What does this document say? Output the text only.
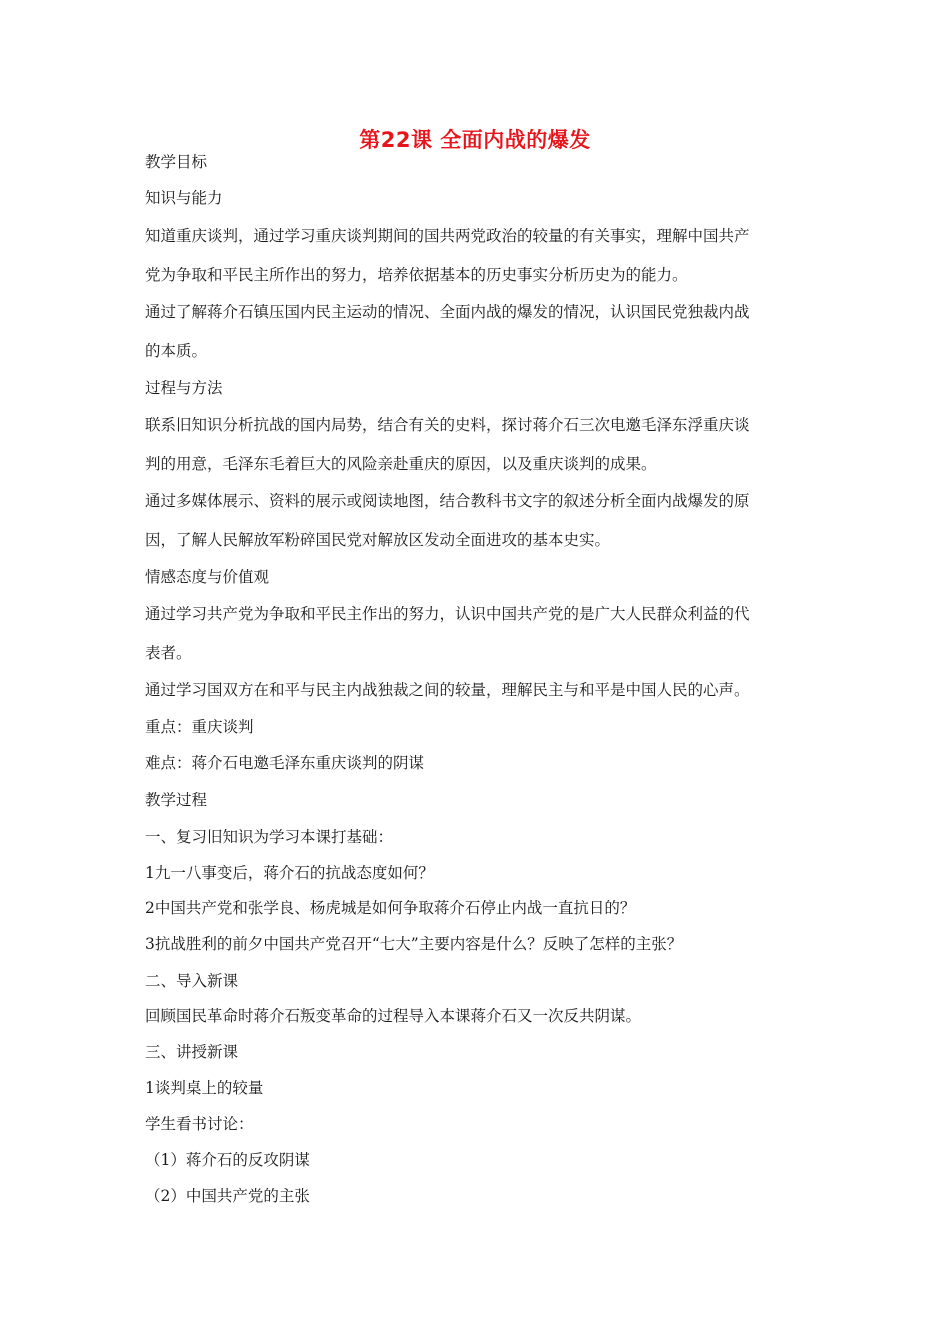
第22课 全面内战的爆发
教学目标
知识与能力
知道重庆谈判，通过学习重庆谈判期间的国共两党政治的较量的有关事实，理解中国共产
党为争取和平民主所作出的努力，培养依据基本的历史事实分析历史为的能力。
通过了解蒋介石镇压国内民主运动的情况、全面内战的爆发的情况，认识国民党独裁内战
的本质。
过程与方法
联系旧知识分析抗战的国内局势，结合有关的史料，探讨蒋介石三次电邀毛泽东浮重庆谈
判的用意，毛泽东毛着巨大的风险亲赴重庆的原因，以及重庆谈判的成果。
通过多媒体展示、资料的展示或阅读地图，结合教科书文字的叙述分析全面内战爆发的原
因，了解人民解放军粉碎国民党对解放区发动全面进攻的基本史实。
情感态度与价值观
通过学习共产党为争取和平民主作出的努力，认识中国共产党的是广大人民群众利益的代
表者。
通过学习国双方在和平与民主内战独裁之间的较量，理解民主与和平是中国人民的心声。
重点：重庆谈判
难点：蒋介石电邀毛泽东重庆谈判的阴谋
教学过程
一、复习旧知识为学习本课打基础：
1九一八事变后，蒋介石的抗战态度如何？
2中国共产党和张学良、杨虎城是如何争取蒋介石停止内战一直抗日的？
3抗战胜利的前夕中国共产党召开“七大”主要内容是什么？反映了怎样的主张？
二、导入新课
回顾国民革命时蒋介石叛变革命的过程导入本课蒋介石又一次反共阴谋。
三、讲授新课
1谈判桌上的较量
学生看书讨论：
（1）蒋介石的反攻阴谋
（2）中国共产党的主张
